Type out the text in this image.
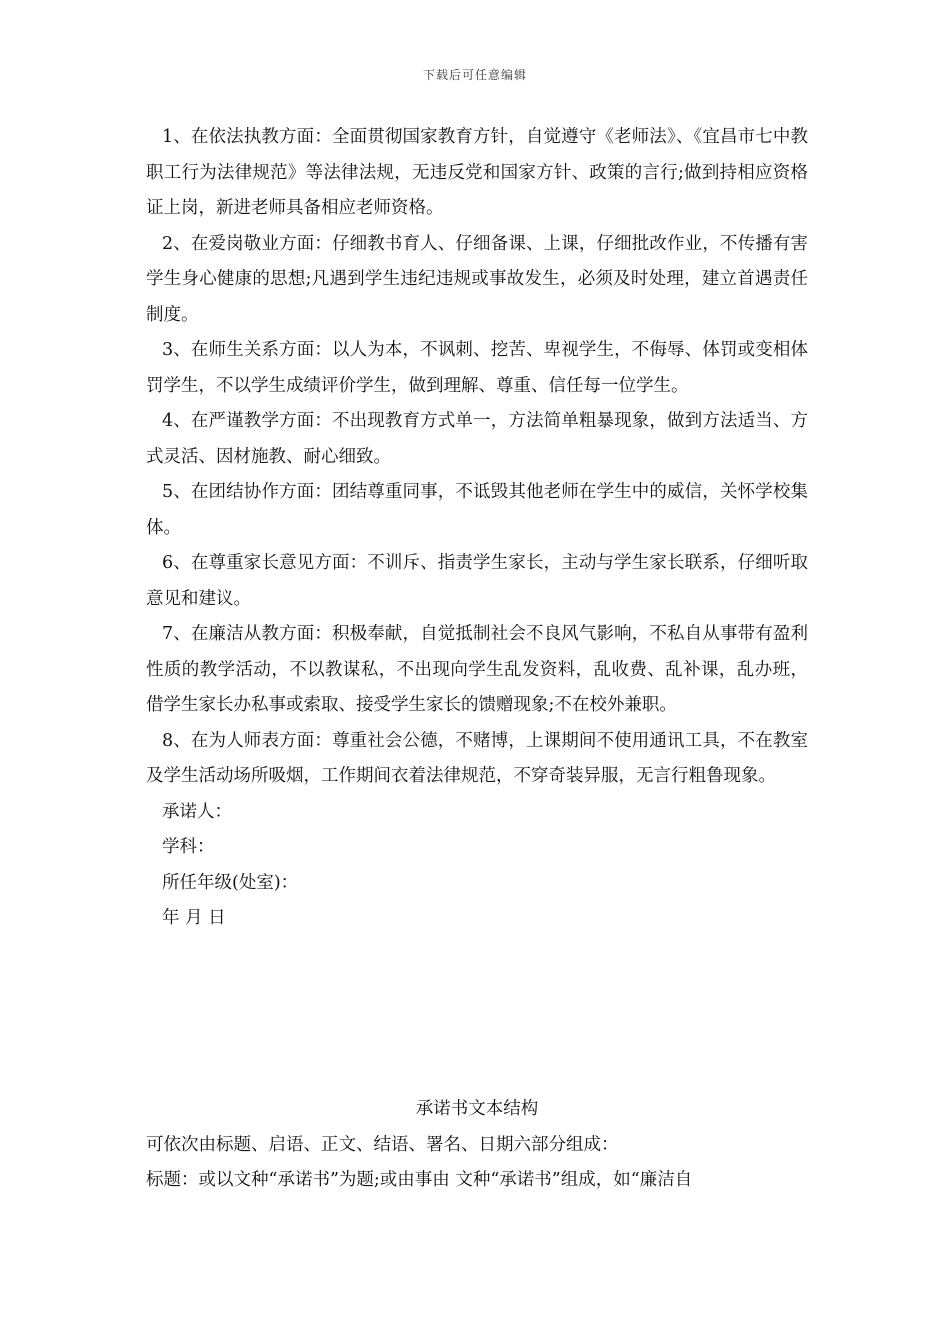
下载后可任意编辑

1、在依法执教方面：全面贯彻国家教育方针，自觉遵守《老师法》、《宜昌市七中教职工行为法律规范》等法律法规，无违反党和国家方针、政策的言行;做到持相应资格证上岗，新进老师具备相应老师资格。

2、在爱岗敬业方面：仔细教书育人、仔细备课、上课，仔细批改作业，不传播有害学生身心健康的思想;凡遇到学生违纪违规或事故发生，必须及时处理，建立首遇责任制度。

3、在师生关系方面：以人为本，不讽刺、挖苦、卑视学生，不侮辱、体罚或变相体罚学生，不以学生成绩评价学生，做到理解、尊重、信任每一位学生。

4、在严谨教学方面：不出现教育方式单一，方法简单粗暴现象，做到方法适当、方式灵活、因材施教、耐心细致。

5、在团结协作方面：团结尊重同事，不诋毁其他老师在学生中的威信，关怀学校集体。

6、在尊重家长意见方面：不训斥、指责学生家长，主动与学生家长联系，仔细听取意见和建议。

7、在廉洁从教方面：积极奉献，自觉抵制社会不良风气影响，不私自从事带有盈利性质的教学活动，不以教谋私，不出现向学生乱发资料，乱收费、乱补课，乱办班，借学生家长办私事或索取、接受学生家长的馈赠现象;不在校外兼职。

8、在为人师表方面：尊重社会公德，不赌博，上课期间不使用通讯工具，不在教室及学生活动场所吸烟，工作期间衣着法律规范，不穿奇装异服，无言行粗鲁现象。

承诺人：

学科：

所任年级(处室)：

年 月 日

承诺书文本结构

可依次由标题、启语、正文、结语、署名、日期六部分组成：

标题：或以文种“承诺书”为题;或由事由 文种“承诺书”组成，如“廉洁自
